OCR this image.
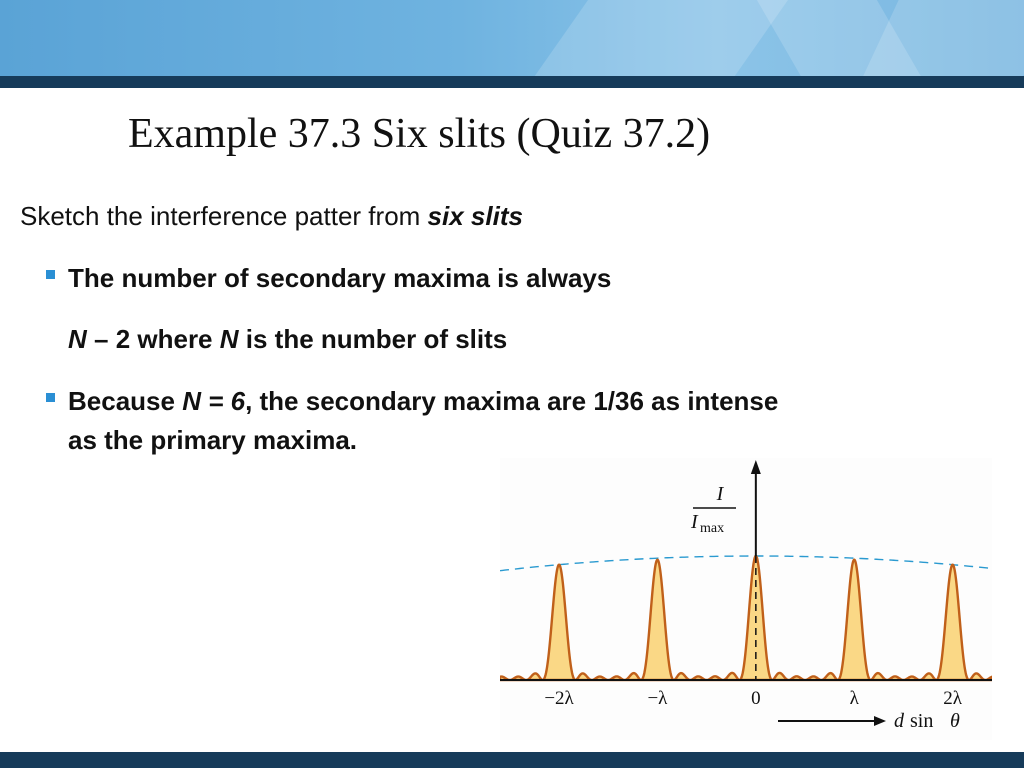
Example 37.3 Six slits (Quiz 37.2)

Sketch the interference patter from six slits

The number of secondary maxima is always

N – 2 where N is the number of slits

Because N = 6, the secondary maxima are 1/36 as intense

as the primary maxima.

I
I max
−2λ	−λ	0	λ	2λ
d sin θ
